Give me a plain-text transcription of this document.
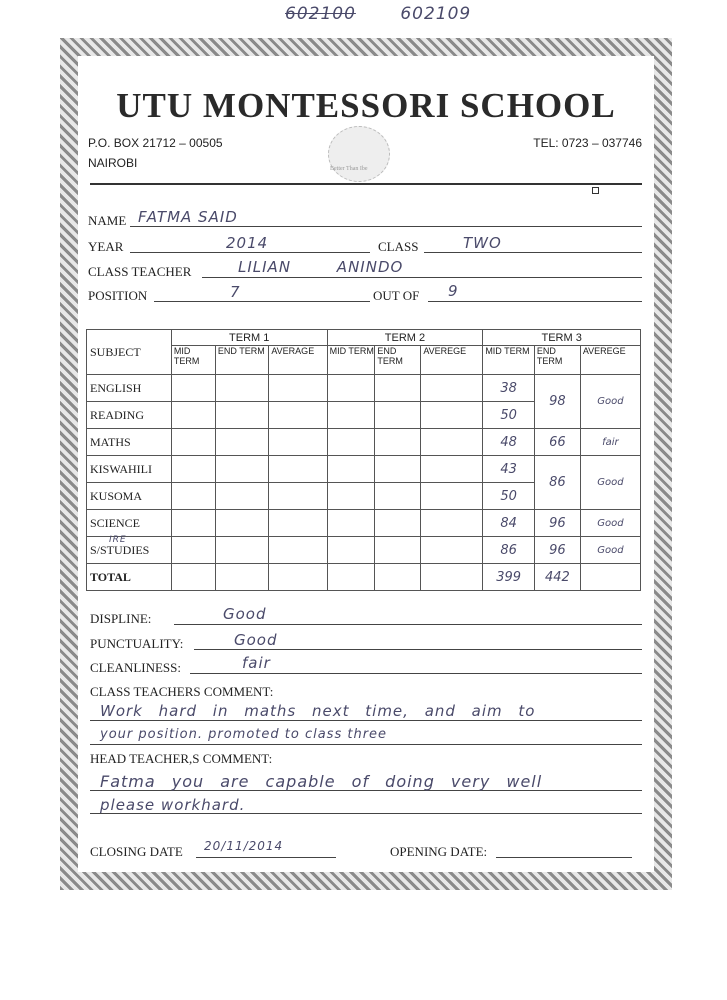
602100	602109
UTU MONTESSORI SCHOOL
P.O. BOX 21712 – 00505
NAIROBI
TEL: 0723 – 037746
Better Than Ibe
NAME FATMA SAID
YEAR	2014	CLASS	TWO
CLASS TEACHER	LILIAN ANINDO
POSITION	7	OUT OF 9
SUBJECT	TERM 1			TERM 2			TERM 3		
	MID TERM	END TERM	AVERAGE	MID TERM	END TERM	AVEREGE	MID TERM	END TERM	AVEREGE
ENGLISH							38	98	Good
READING							50		
MATHS							48	66	fair
KISWAHILI							43	86	Good
KUSOMA							50		
SCIENCE							84	96	Good

IRE
S/STUDIES							86	96	Good
TOTAL							399	442	
DISPLINE:	Good
PUNCTUALITY:	Good
CLEANLINESS:	fair
CLASS TEACHERS COMMENT:
Work hard in maths next time, and aim to
your position. promoted to class three
HEAD TEACHER,S COMMENT:
Fatma you are capable of doing very well
please workhard.
CLOSING DATE 20/11/2014	OPENING DATE:
